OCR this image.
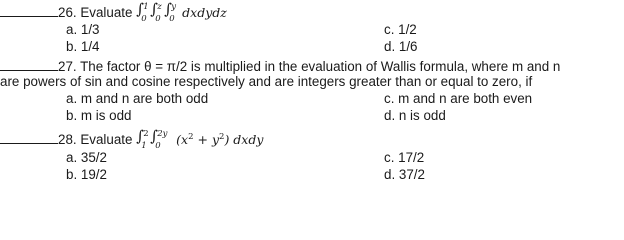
26. Evaluate ∫ 1
0
∫ z
0
∫ y
0 dxdydz
a. 1/3	c. 1/2
b. 1/4	d. 1/6
27. The factor θ = π/2 is multiplied in the evaluation of Wallis formula, where m and n
are powers of sin and cosine respectively and are integers greater than or equal to zero, if
a. m and n are both odd	c. m and n are both even
b. m is odd	d. n is odd
28. Evaluate ∫ 2
1
∫ 2y
0 $(x^2 + y^2)$ dxdy
a. 35/2	c. 17/2
b. 19/2	d. 37/2
